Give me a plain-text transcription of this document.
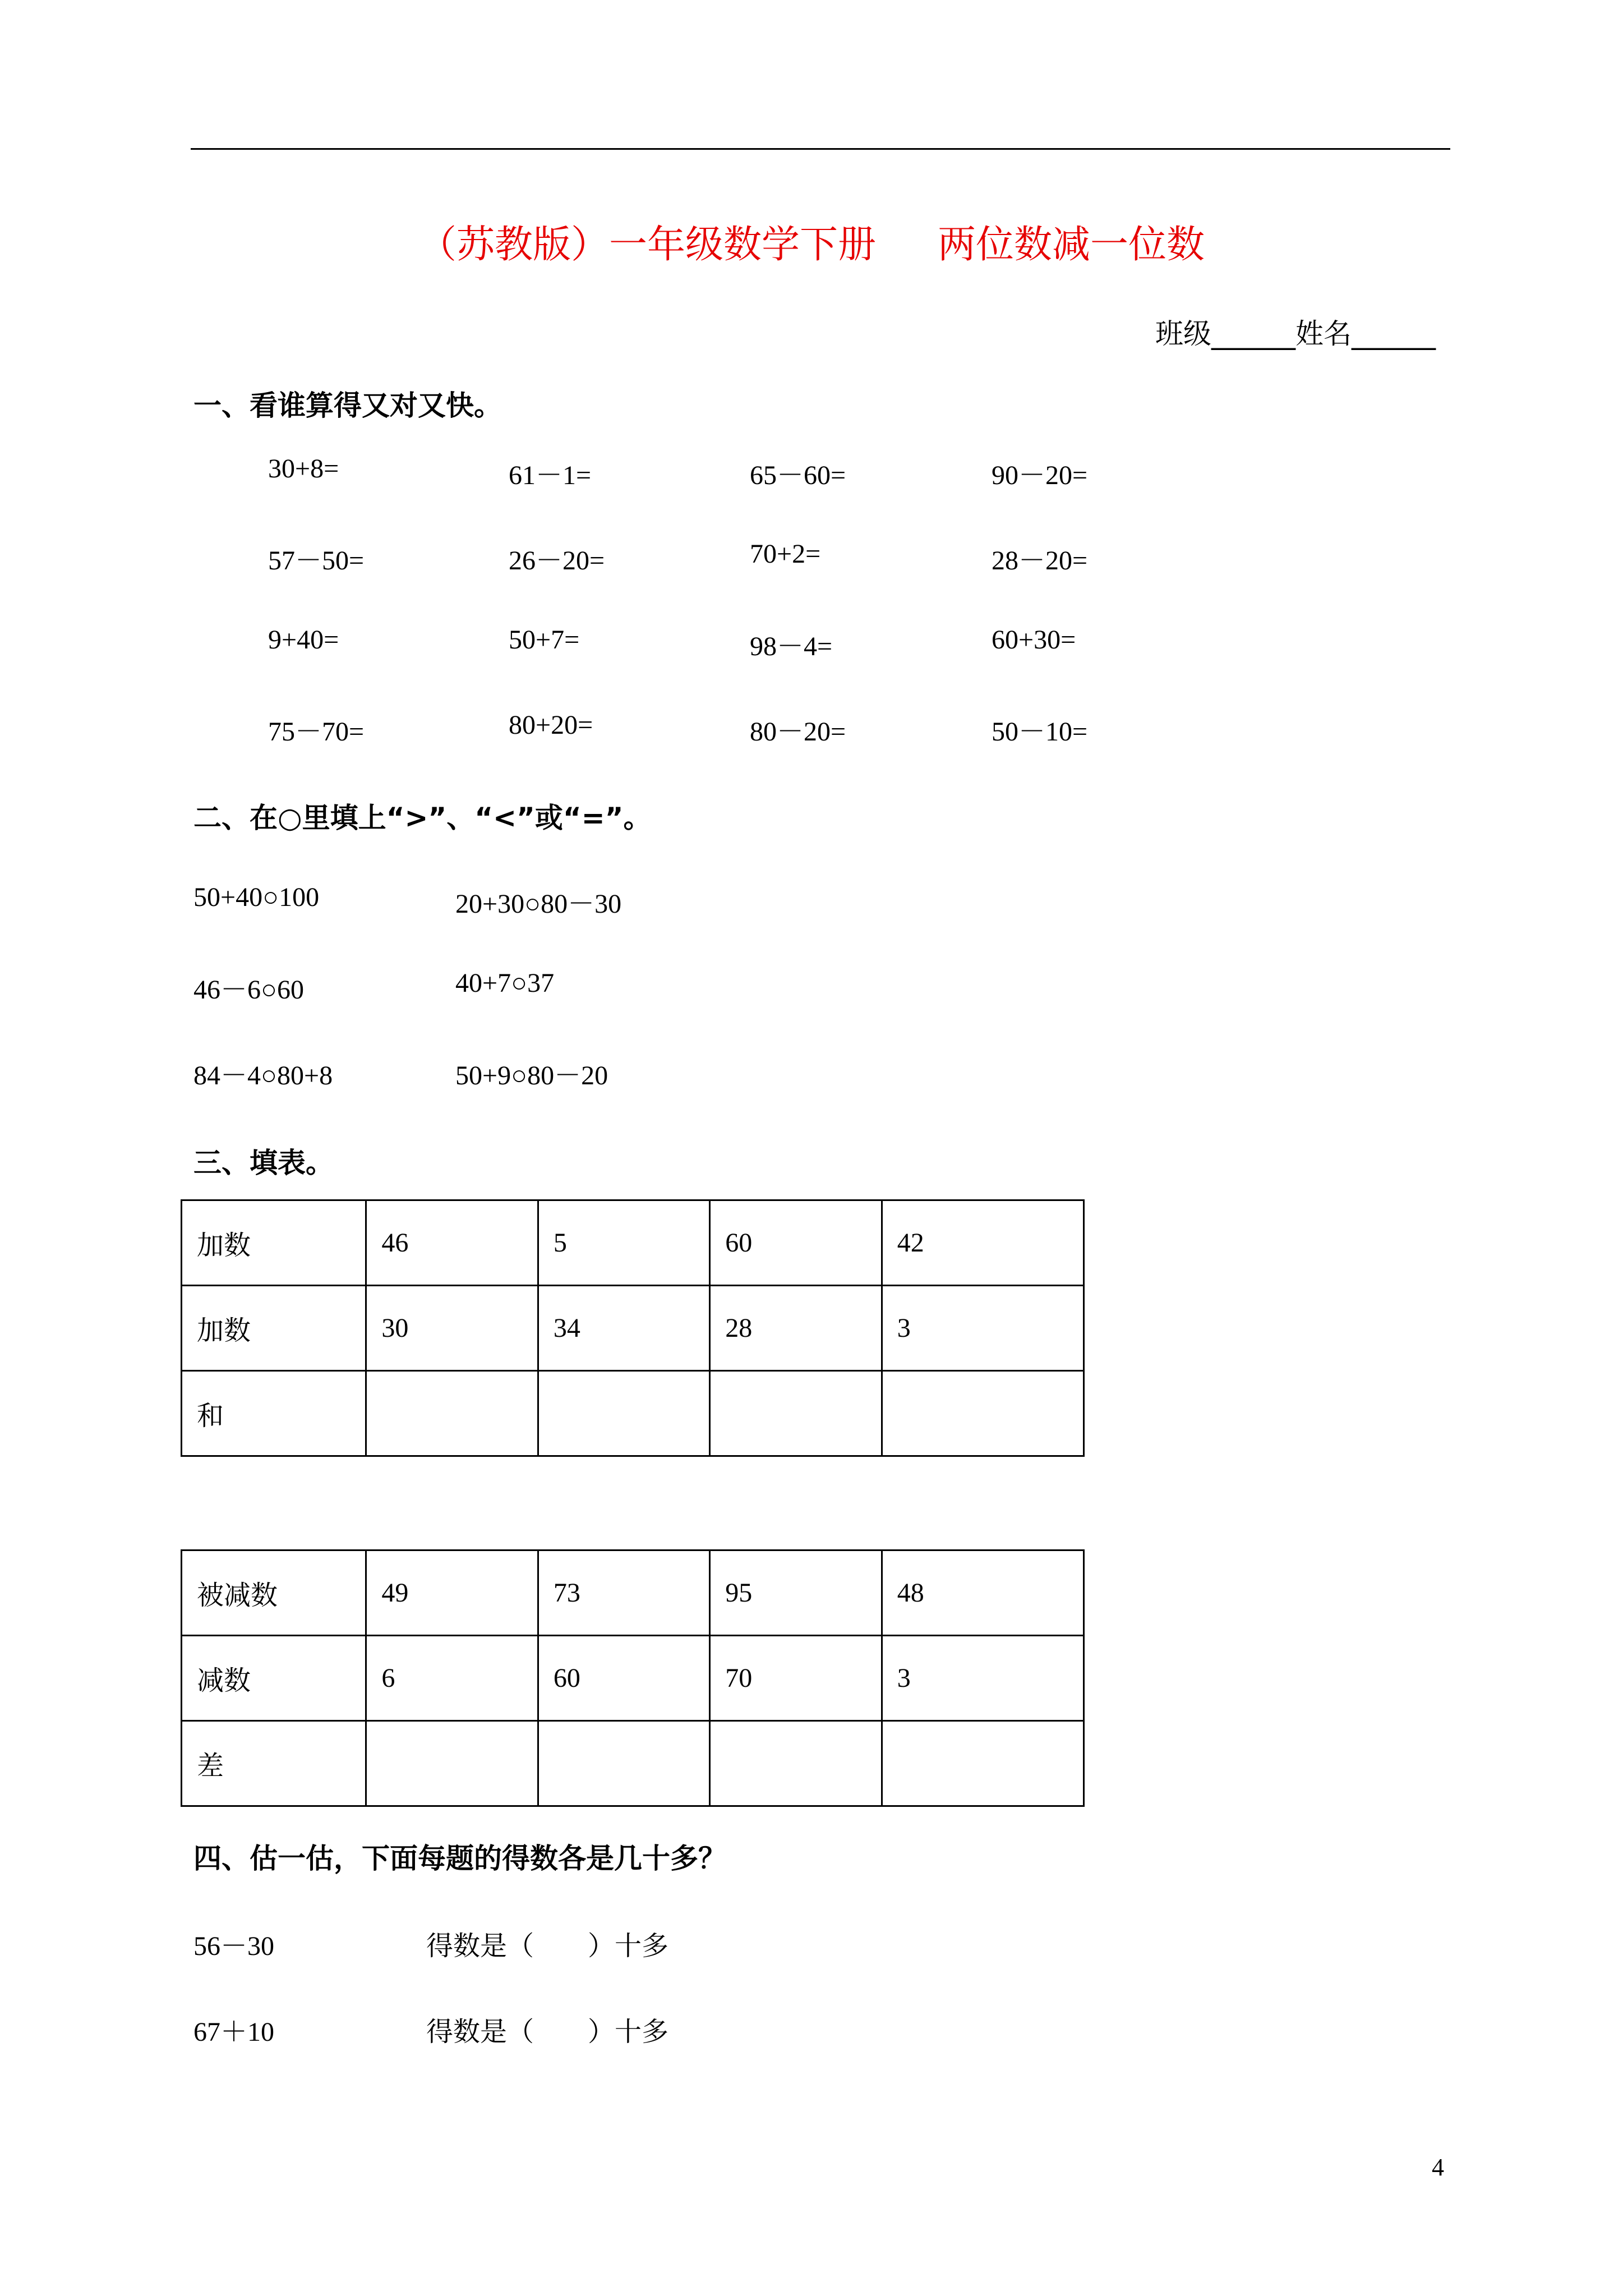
（苏教版）一年级数学下册 两位数减一位数
班级______姓名______
一、看谁算得又对又快。
30+8=	61－1=	65－60=	90－20=
57－50=	26－20=	70+2=	28－20=
9+40=	50+7=	98－4=	60+30=
75－70=	80+20=	80－20=	50－10=
二、在○里填上“>”、“<”或“=”。
50+40○100	20+30○80－30
46－6○60	40+7○37
84－4○80+8	50+9○80－20
三、填表。
加数	46	5	60	42
加数	30	34	28	3
和				
被减数	49	73	95	48
减数	6	60	70	3
差				
四、估一估，下面每题的得数各是几十多？
56－30	得数是（　　）十多
67＋10	得数是（　　）十多
4
